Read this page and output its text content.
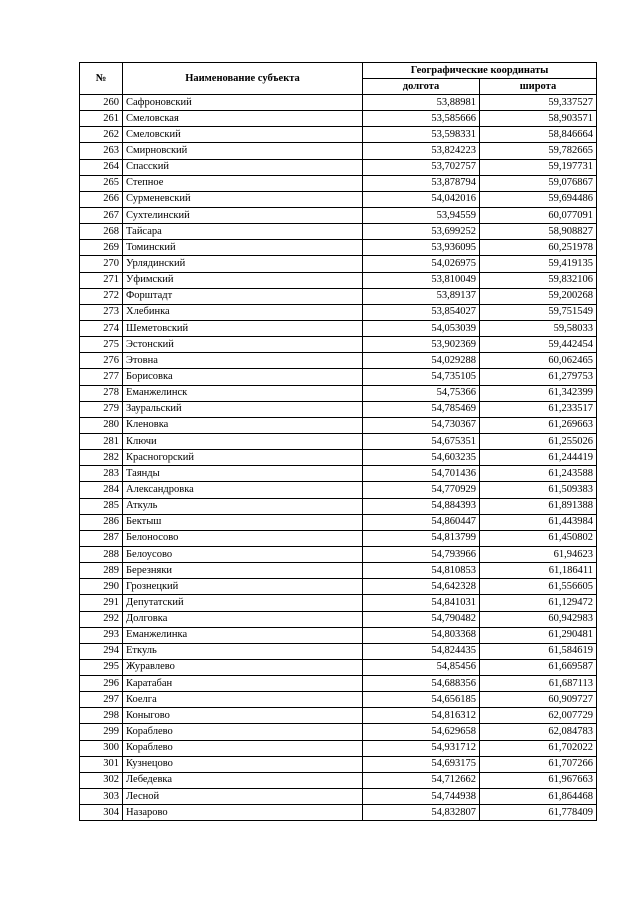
№	Наименование субъекта	Географические координаты	
		долгота	широта
260	Сафроновский	53,88981	59,337527
261	Смеловская	53,585666	58,903571
262	Смеловский	53,598331	58,846664
263	Смирновский	53,824223	59,782665
264	Спасский	53,702757	59,197731
265	Степное	53,878794	59,076867
266	Сурменевский	54,042016	59,694486
267	Сухтелинский	53,94559	60,077091
268	Тайсара	53,699252	58,908827
269	Томинский	53,936095	60,251978
270	Урлядинский	54,026975	59,419135
271	Уфимский	53,810049	59,832106
272	Форштадт	53,89137	59,200268
273	Хлебинка	53,854027	59,751549
274	Шеметовский	54,053039	59,58033
275	Эстонский	53,902369	59,442454
276	Этовна	54,029288	60,062465
277	Борисовка	54,735105	61,279753
278	Еманжелинск	54,75366	61,342399
279	Зауральский	54,785469	61,233517
280	Кленовка	54,730367	61,269663
281	Ключи	54,675351	61,255026
282	Красногорский	54,603235	61,244419
283	Таянды	54,701436	61,243588
284	Александровка	54,770929	61,509383
285	Аткуль	54,884393	61,891388
286	Бектыш	54,860447	61,443984
287	Белоносово	54,813799	61,450802
288	Белоусово	54,793966	61,94623
289	Березняки	54,810853	61,186411
290	Грознецкий	54,642328	61,556605
291	Депутатский	54,841031	61,129472
292	Долговка	54,790482	60,942983
293	Еманжелинка	54,803368	61,290481
294	Еткуль	54,824435	61,584619
295	Журавлево	54,85456	61,669587
296	Каратабан	54,688356	61,687113
297	Коелга	54,656185	60,909727
298	Коныгово	54,816312	62,007729
299	Кораблево	54,629658	62,084783
300	Кораблево	54,931712	61,702022
301	Кузнецово	54,693175	61,707266
302	Лебедевка	54,712662	61,967663
303	Лесной	54,744938	61,864468
304	Назарово	54,832807	61,778409
